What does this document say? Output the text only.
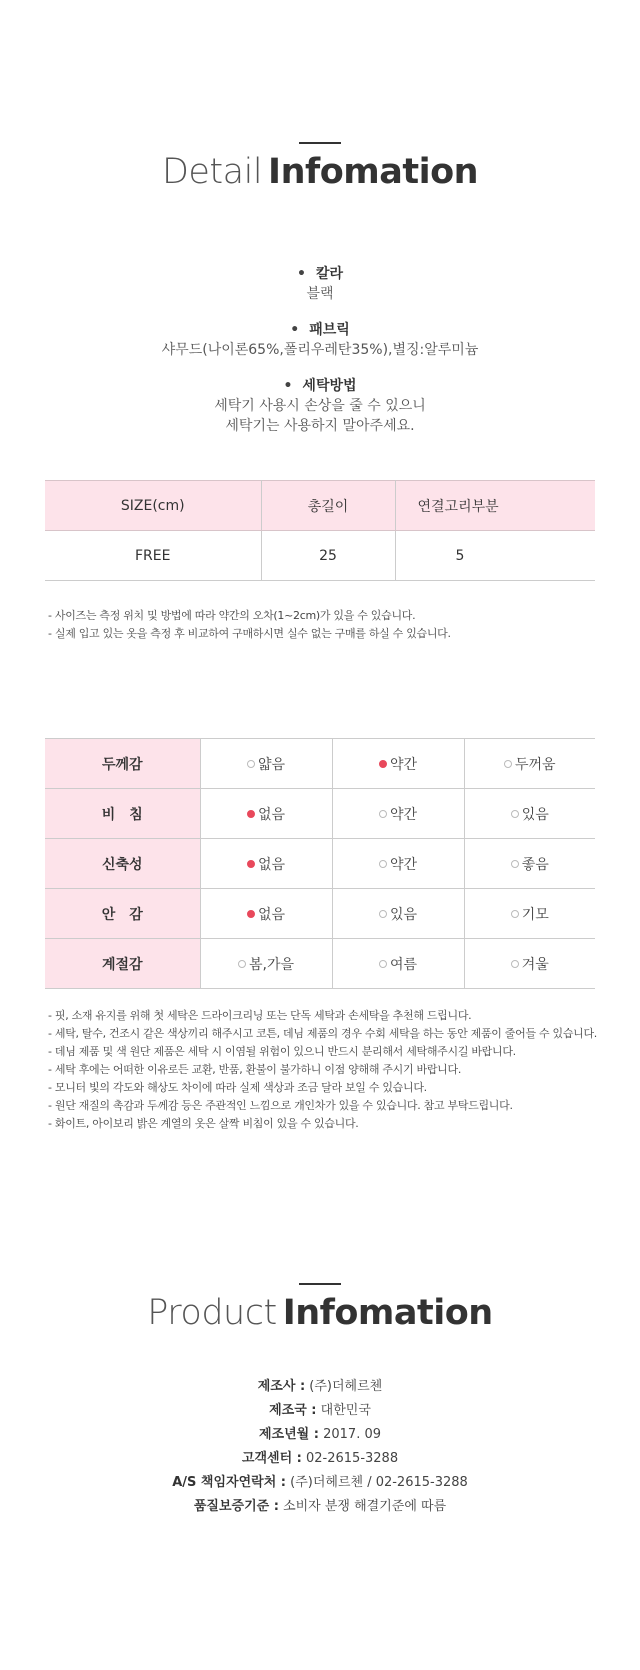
Detail Infomation
• 칼라
블랙
• 패브릭
샤무드(나이론65%,폴리우레탄35%),별징:알루미늄
• 세탁방법
세탁기 사용시 손상을 줄 수 있으니
세탁기는 사용하지 말아주세요.
SIZE(cm)	총길이	연결고리부분
FREE	25	5
- 사이즈는 측정 위치 및 방법에 따라 약간의 오차(1~2cm)가 있을 수 있습니다.
- 실제 입고 있는 옷을 측정 후 비교하여 구매하시면 실수 없는 구매를 하실 수 있습니다.
두께감	얇음	약간	두꺼움

비　침	없음	약간	있음

신축성	없음	약간	좋음

안　감	없음	있음	기모

계절감	봄,가을	여름	겨울
- 핏, 소재 유지를 위해 첫 세탁은 드라이크리닝 또는 단독 세탁과 손세탁을 추천해 드립니다.
- 세탁, 탈수, 건조시 같은 색상끼리 해주시고 코튼, 데님 제품의 경우 수회 세탁을 하는 동안 제품이 줄어들 수 있습니다.
- 데님 제품 및 색 원단 제품은 세탁 시 이염될 위험이 있으니 반드시 분리해서 세탁해주시길 바랍니다.
- 세탁 후에는 어떠한 이유로든 교환, 반품, 환불이 불가하니 이점 양해해 주시기 바랍니다.
- 모니터 빛의 각도와 해상도 차이에 따라 실제 색상과 조금 달라 보일 수 있습니다.
- 원단 재질의 촉감과 두께감 등은 주관적인 느낌으로 개인차가 있을 수 있습니다. 참고 부탁드립니다.
- 화이트, 아이보리 밝은 계열의 옷은 살짝 비침이 있을 수 있습니다.
Product Infomation
제조사 : (주)더헤르첸
제조국 : 대한민국
제조년월 : 2017. 09
고객센터 : 02-2615-3288
A/S 책임자연락처 : (주)더헤르첸 / 02-2615-3288
품질보증기준 : 소비자 분쟁 해결기준에 따름
